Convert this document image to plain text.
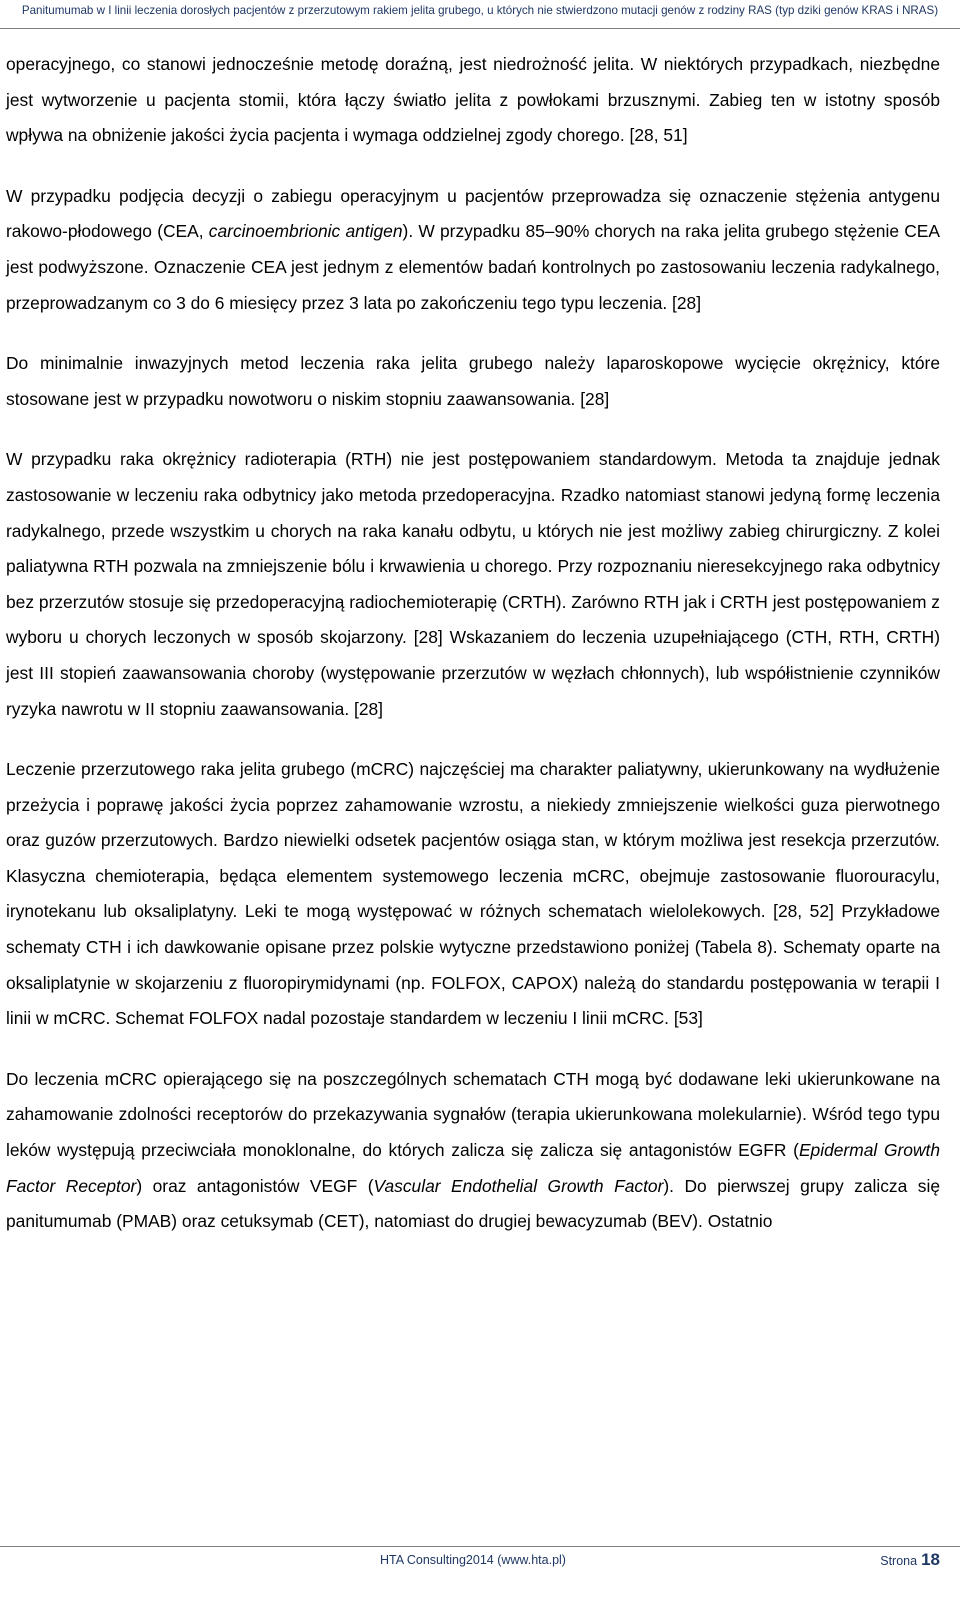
Panitumumab w I linii leczenia dorosłych pacjentów z przerzutowym rakiem jelita grubego, u których nie stwierdzono mutacji genów z rodziny RAS (typ dziki genów KRAS i NRAS)

operacyjnego, co stanowi jednocześnie metodę doraźną, jest niedrożność jelita. W niektórych przypadkach, niezbędne jest wytworzenie u pacjenta stomii, która łączy światło jelita z powłokami brzusznymi. Zabieg ten w istotny sposób wpływa na obniżenie jakości życia pacjenta i wymaga oddzielnej zgody chorego. [28, 51]

W przypadku podjęcia decyzji o zabiegu operacyjnym u pacjentów przeprowadza się oznaczenie stężenia antygenu rakowo-płodowego (CEA, carcinoembrionic antigen). W przypadku 85–90% chorych na raka jelita grubego stężenie CEA jest podwyższone. Oznaczenie CEA jest jednym z elementów badań kontrolnych po zastosowaniu leczenia radykalnego, przeprowadzanym co 3 do 6 miesięcy przez 3 lata po zakończeniu tego typu leczenia. [28]

Do minimalnie inwazyjnych metod leczenia raka jelita grubego należy laparoskopowe wycięcie okrężnicy, które stosowane jest w przypadku nowotworu o niskim stopniu zaawansowania. [28]

W przypadku raka okrężnicy radioterapia (RTH) nie jest postępowaniem standardowym. Metoda ta znajduje jednak zastosowanie w leczeniu raka odbytnicy jako metoda przedoperacyjna. Rzadko natomiast stanowi jedyną formę leczenia radykalnego, przede wszystkim u chorych na raka kanału odbytu, u których nie jest możliwy zabieg chirurgiczny. Z kolei paliatywna RTH pozwala na zmniejszenie bólu i krwawienia u chorego. Przy rozpoznaniu nieresekcyjnego raka odbytnicy bez przerzutów stosuje się przedoperacyjną radiochemioterapię (CRTH). Zarówno RTH jak i CRTH jest postępowaniem z wyboru u chorych leczonych w sposób skojarzony. [28] Wskazaniem do leczenia uzupełniającego (CTH, RTH, CRTH) jest III stopień zaawansowania choroby (występowanie przerzutów w węzłach chłonnych), lub współistnienie czynników ryzyka nawrotu w II stopniu zaawansowania. [28]

Leczenie przerzutowego raka jelita grubego (mCRC) najczęściej ma charakter paliatywny, ukierunkowany na wydłużenie przeżycia i poprawę jakości życia poprzez zahamowanie wzrostu, a niekiedy zmniejszenie wielkości guza pierwotnego oraz guzów przerzutowych. Bardzo niewielki odsetek pacjentów osiąga stan, w którym możliwa jest resekcja przerzutów. Klasyczna chemioterapia, będąca elementem systemowego leczenia mCRC, obejmuje zastosowanie fluorouracylu, irynotekanu lub oksaliplatyny. Leki te mogą występować w różnych schematach wielolekowych. [28, 52] Przykładowe schematy CTH i ich dawkowanie opisane przez polskie wytyczne przedstawiono poniżej (Tabela 8). Schematy oparte na oksaliplatynie w skojarzeniu z fluoropirymidynami (np. FOLFOX, CAPOX) należą do standardu postępowania w terapii I linii w mCRC. Schemat FOLFOX nadal pozostaje standardem w leczeniu I linii mCRC. [53]

Do leczenia mCRC opierającego się na poszczególnych schematach CTH mogą być dodawane leki ukierunkowane na zahamowanie zdolności receptorów do przekazywania sygnałów (terapia ukierunkowana molekularnie). Wśród tego typu leków występują przeciwciała monoklonalne, do których zalicza się zalicza się antagonistów EGFR (Epidermal Growth Factor Receptor) oraz antagonistów VEGF (Vascular Endothelial Growth Factor). Do pierwszej grupy zalicza się panitumumab (PMAB) oraz cetuksymab (CET), natomiast do drugiej bewacyzumab (BEV). Ostatnio

HTA Consulting2014 (www.hta.pl)	Strona 18
